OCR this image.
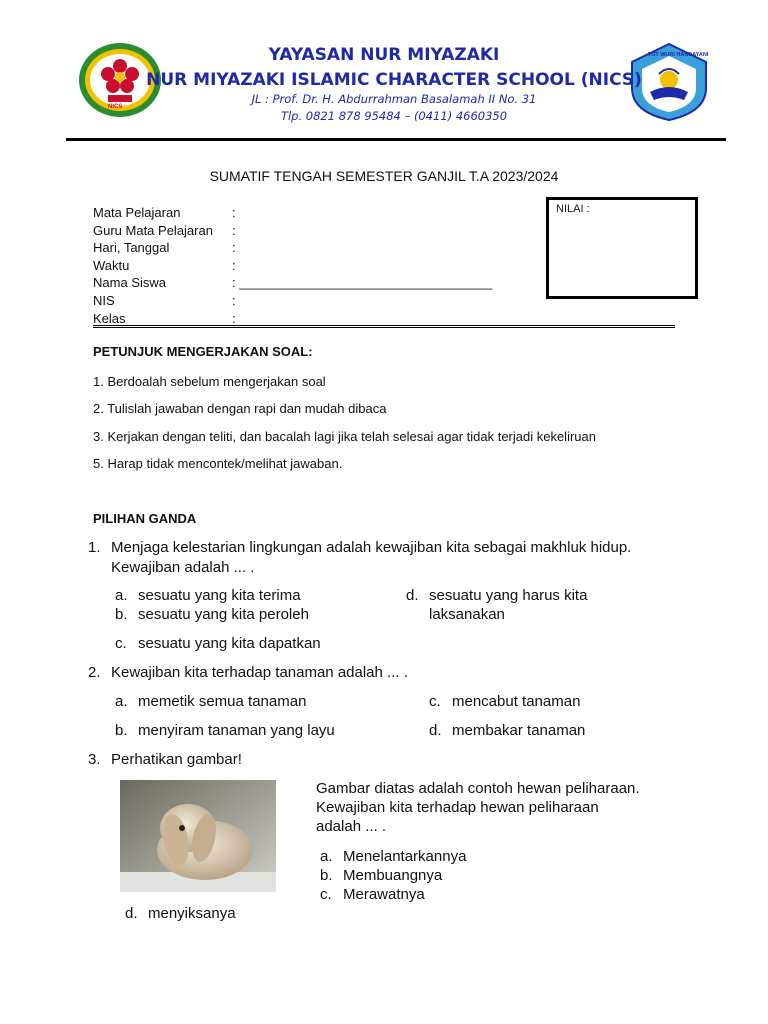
NICS
TUT WURI HANDAYANI
YAYASAN NUR MIYAZAKI
NUR MIYAZAKI ISLAMIC CHARACTER SCHOOL (NICS)
JL : Prof. Dr. H. Abdurrahman Basalamah II No. 31
Tlp. 0821 878 95484 – (0411) 4660350
SUMATIF TENGAH SEMESTER GANJIL T.A 2023/2024
Mata Pelajaran
Guru Mata Pelajaran
Hari, Tanggal
Waktu
Nama Siswa
NIS
Kelas
:
:
:
:
: ___________________________________
:
:
NILAI :
PETUNJUK MENGERJAKAN SOAL:
1. Berdoalah sebelum mengerjakan soal
2. Tulislah jawaban dengan rapi dan mudah dibaca
3. Kerjakan dengan teliti, dan bacalah lagi jika telah selesai agar tidak terjadi kekeliruan
5. Harap tidak mencontek/melihat jawaban.
PILIHAN GANDA
1. Menjaga kelestarian lingkungan adalah kewajiban kita sebagai makhluk hidup.
Kewajiban adalah ... .
a. sesuatu yang kita terima
b. sesuatu yang kita peroleh
c. sesuatu yang kita dapatkan
d. sesuatu yang harus kita
laksanakan
2. Kewajiban kita terhadap tanaman adalah ... .
a. memetik semua tanaman
b. menyiram tanaman yang layu
c. mencabut tanaman
d. membakar tanaman
3. Perhatikan gambar!
Gambar diatas adalah contoh hewan peliharaan.
Kewajiban kita terhadap hewan peliharaan
adalah ... .
a. Menelantarkannya
b. Membuangnya
c. Merawatnya
d. menyiksanya
